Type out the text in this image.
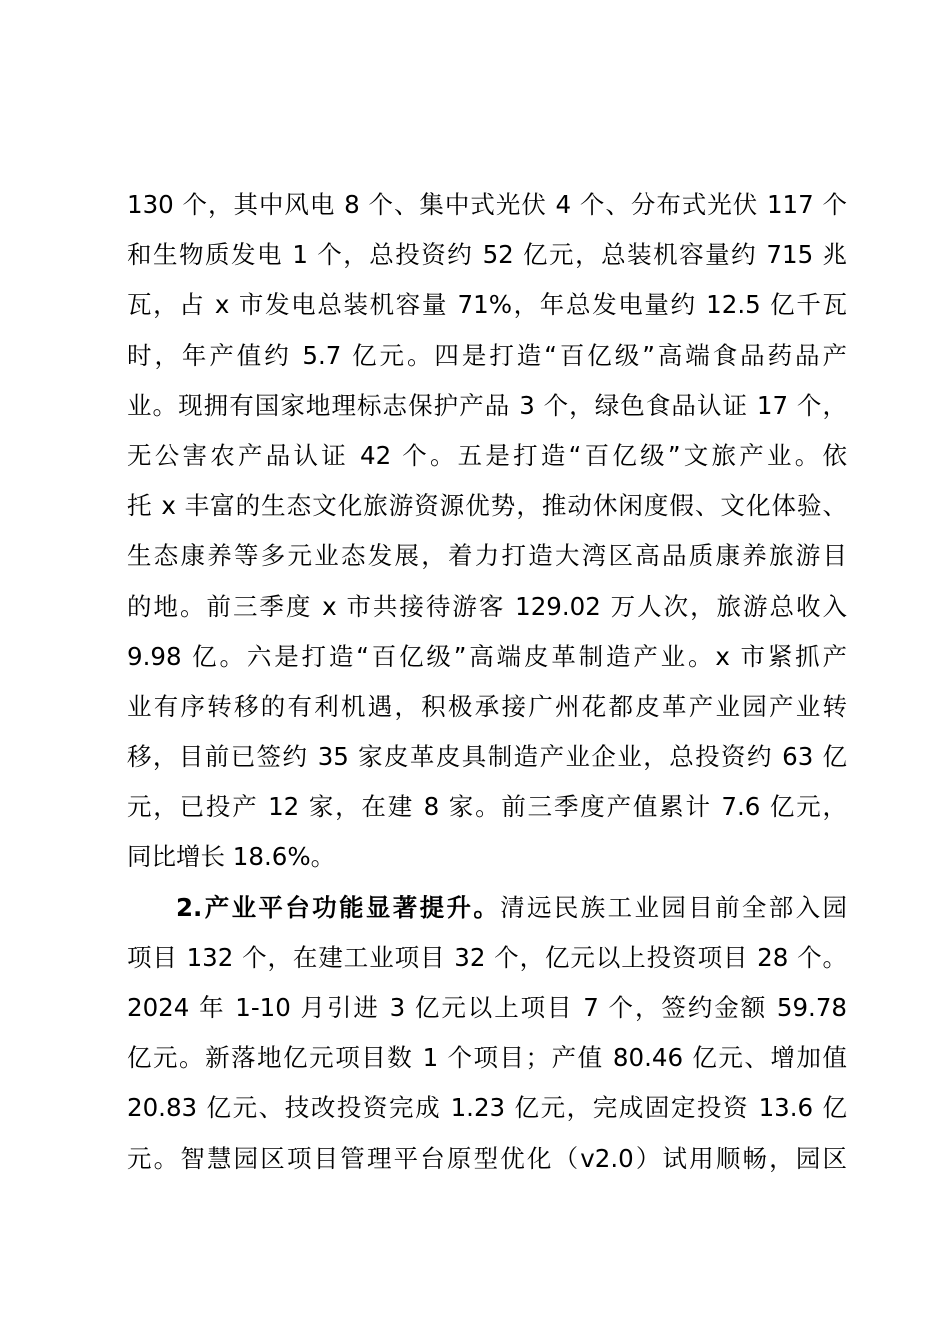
130 个，其中风电 8 个、集中式光伏 4 个、分布式光伏 117 个
和生物质发电 1 个，总投资约 52 亿元，总装机容量约 715 兆
瓦，占 x 市发电总装机容量 71%，年总发电量约 12.5 亿千瓦
时，年产值约 5.7 亿元。四是打造“百亿级”高端食品药品产
业。现拥有国家地理标志保护产品 3 个，绿色食品认证 17 个，
无公害农产品认证 42 个。五是打造“百亿级”文旅产业。依
托 x 丰富的生态文化旅游资源优势，推动休闲度假、文化体验、
生态康养等多元业态发展，着力打造大湾区高品质康养旅游目
的地。前三季度 x 市共接待游客 129.02 万人次，旅游总收入
9.98 亿。六是打造“百亿级”高端皮革制造产业。x 市紧抓产
业有序转移的有利机遇，积极承接广州花都皮革产业园产业转
移，目前已签约 35 家皮革皮具制造产业企业，总投资约 63 亿
元，已投产 12 家，在建 8 家。前三季度产值累计 7.6 亿元，
同比增长 18.6%。
2.产业平台功能显著提升。清远民族工业园目前全部入园
项目 132 个，在建工业项目 32 个，亿元以上投资项目 28 个。
2024 年 1-10 月引进 3 亿元以上项目 7 个，签约金额 59.78
亿元。新落地亿元项目数 1 个项目；产值 80.46 亿元、增加值
20.83 亿元、技改投资完成 1.23 亿元，完成固定投资 13.6 亿
元。智慧园区项目管理平台原型优化（v2.0）试用顺畅，园区
